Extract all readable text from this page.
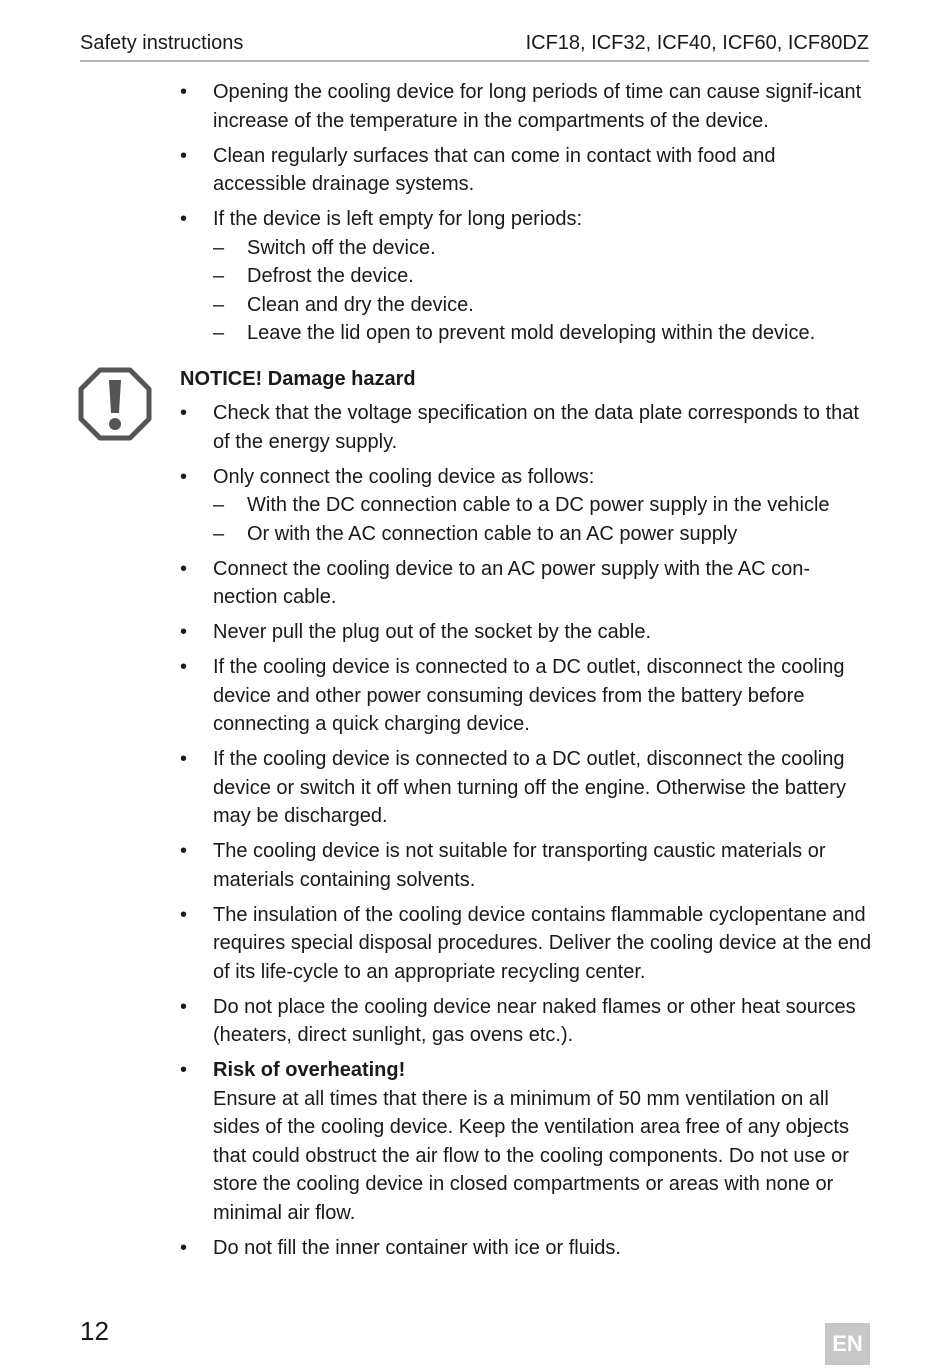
Safety instructions	ICF18, ICF32, ICF40, ICF60, ICF80DZ
• Opening the cooling device for long periods of time can cause signif-icant increase of the temperature in the compartments of the device.
• Clean regularly surfaces that can come in contact with food and accessible drainage systems.
• If the device is left empty for long periods:
– Switch off the device.
– Defrost the device.
– Clean and dry the device.
– Leave the lid open to prevent mold developing within the device.
NOTICE! Damage hazard
• Check that the voltage specification on the data plate corresponds to that of the energy supply.
• Only connect the cooling device as follows:
– With the DC connection cable to a DC power supply in the vehicle
– Or with the AC connection cable to an AC power supply
• Connect the cooling device to an AC power supply with the AC con-nection cable.
• Never pull the plug out of the socket by the cable.
• If the cooling device is connected to a DC outlet, disconnect the cooling device and other power consuming devices from the battery before connecting a quick charging device.
• If the cooling device is connected to a DC outlet, disconnect the cooling device or switch it off when turning off the engine. Otherwise the battery may be discharged.
• The cooling device is not suitable for transporting caustic materials or materials containing solvents.
• The insulation of the cooling device contains flammable cyclopentane and requires special disposal procedures. Deliver the cooling device at the end of its life-cycle to an appropriate recycling center.
• Do not place the cooling device near naked flames or other heat sources (heaters, direct sunlight, gas ovens etc.).
• Risk of overheating!
Ensure at all times that there is a minimum of 50 mm ventilation on all sides of the cooling device. Keep the ventilation area free of any objects that could obstruct the air flow to the cooling components. Do not use or store the cooling device in closed compartments or areas with none or minimal air flow.
• Do not fill the inner container with ice or fluids.
12	EN
